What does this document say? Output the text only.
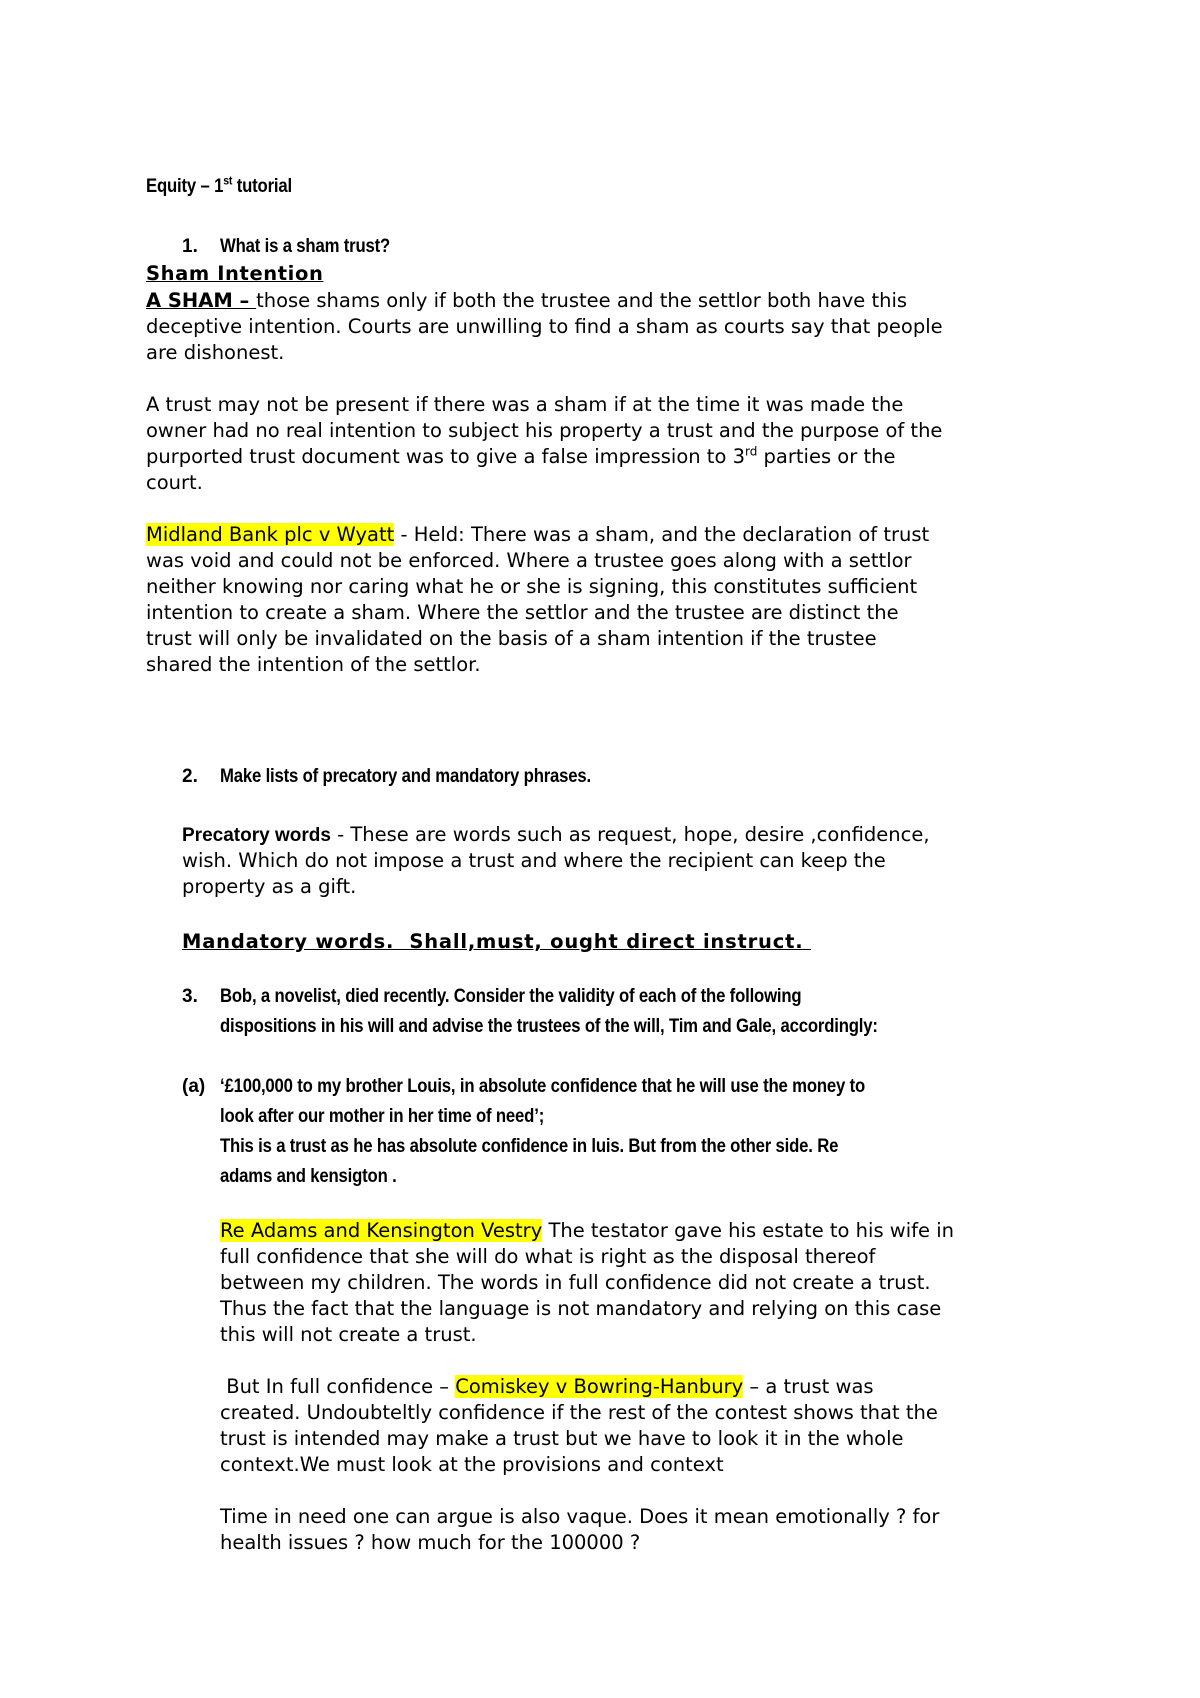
Equity – 1st tutorial
1. What is a sham trust?
Sham Intention
A SHAM – those shams only if both the trustee and the settlor both have this
deceptive intention. Courts are unwilling to find a sham as courts say that people
are dishonest.
A trust may not be present if there was a sham if at the time it was made the
owner had no real intention to subject his property a trust and the purpose of the
purported trust document was to give a false impression to 3rd parties or the
court.
Midland Bank plc v Wyatt - Held: There was a sham, and the declaration of trust
was void and could not be enforced. Where a trustee goes along with a settlor
neither knowing nor caring what he or she is signing, this constitutes sufficient
intention to create a sham. Where the settlor and the trustee are distinct the
trust will only be invalidated on the basis of a sham intention if the trustee
shared the intention of the settlor.
2. Make lists of precatory and mandatory phrases.
Precatory words - These are words such as request, hope, desire ,confidence,
wish. Which do not impose a trust and where the recipient can keep the
property as a gift.
Mandatory words.  Shall,must, ought direct instruct.
3. Bob, a novelist, died recently. Consider the validity of each of the following
dispositions in his will and advise the trustees of the will, Tim and Gale, accordingly:
(a) ‘£100,000 to my brother Louis, in absolute confidence that he will use the money to
look after our mother in her time of need’;
This is a trust as he has absolute confidence in luis. But from the other side. Re
adams and kensigton .
Re Adams and Kensington Vestry The testator gave his estate to his wife in
full confidence that she will do what is right as the disposal thereof
between my children. The words in full confidence did not create a trust.
Thus the fact that the language is not mandatory and relying on this case
this will not create a trust.
But In full confidence – Comiskey v Bowring-Hanbury – a trust was
created. Undoubteltly confidence if the rest of the contest shows that the
trust is intended may make a trust but we have to look it in the whole
context.We must look at the provisions and context
Time in need one can argue is also vaque. Does it mean emotionally ? for
health issues ? how much for the 100000 ?
